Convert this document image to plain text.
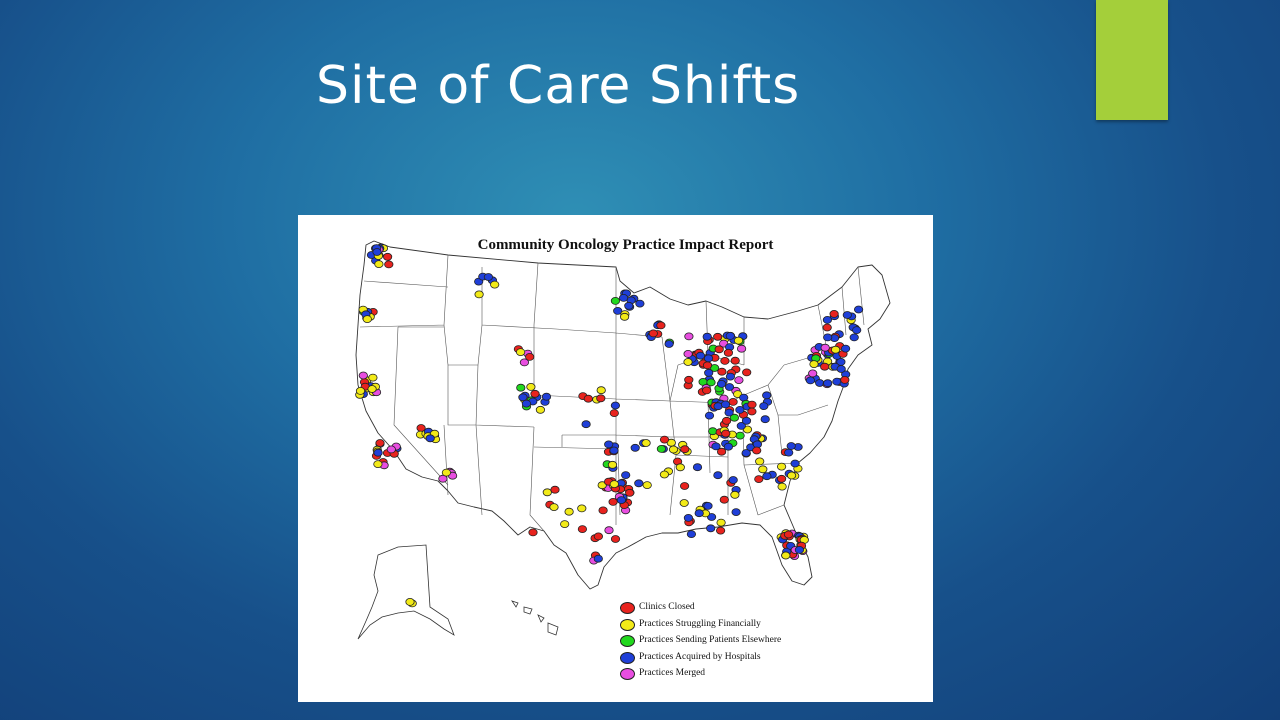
Site of Care Shifts
Community Oncology Practice Impact Report
Clinics Closed
Practices Struggling Financially
Practices Sending Patients Elsewhere
Practices Acquired by Hospitals
Practices Merged
